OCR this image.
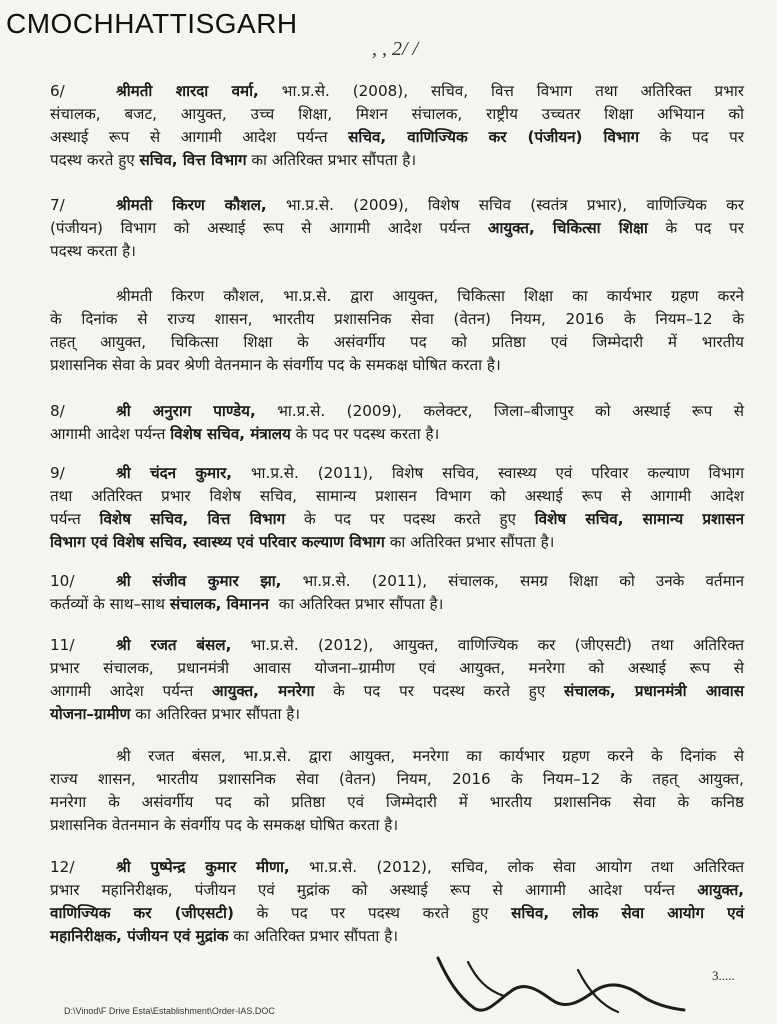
CMOCHHATTISGARH
, , 2/ /
6/	श्रीमती शारदा वर्मा, भा.प्र.से. (2008), सचिव, वित्त विभाग तथा अतिरिक्त प्रभार
संचालक, बजट, आयुक्त, उच्च शिक्षा, मिशन संचालक, राष्ट्रीय उच्चतर शिक्षा अभियान को
अस्थाई रूप से आगामी आदेश पर्यन्त सचिव, वाणिज्यिक कर (पंजीयन) विभाग के पद पर
पदस्थ करते हुए सचिव, वित्त विभाग का अतिरिक्त प्रभार सौंपता है।
7/	श्रीमती किरण कौशल, भा.प्र.से. (2009), विशेष सचिव (स्वतंत्र प्रभार), वाणिज्यिक कर
(पंजीयन) विभाग को अस्थाई रूप से आगामी आदेश पर्यन्त आयुक्त, चिकित्सा शिक्षा के पद पर
पदस्थ करता है।
श्रीमती किरण कौशल, भा.प्र.से. द्वारा आयुक्त, चिकित्सा शिक्षा का कार्यभार ग्रहण करने
के दिनांक से राज्य शासन, भारतीय प्रशासनिक सेवा (वेतन) नियम, 2016 के नियम–12 के
तहत् आयुक्त, चिकित्सा शिक्षा के असंवर्गीय पद को प्रतिष्ठा एवं जिम्मेदारी में भारतीय
प्रशासनिक सेवा के प्रवर श्रेणी वेतनमान के संवर्गीय पद के समकक्ष घोषित करता है।
8/	श्री अनुराग पाण्डेय, भा.प्र.से. (2009), कलेक्टर, जिला–बीजापुर को अस्थाई रूप से
आगामी आदेश पर्यन्त विशेष सचिव, मंत्रालय के पद पर पदस्थ करता है।
9/	श्री चंदन कुमार, भा.प्र.से. (2011), विशेष सचिव, स्वास्थ्य एवं परिवार कल्याण विभाग
तथा अतिरिक्त प्रभार विशेष सचिव, सामान्य प्रशासन विभाग को अस्थाई रूप से आगामी आदेश
पर्यन्त विशेष सचिव, वित्त विभाग के पद पर पदस्थ करते हुए विशेष सचिव, सामान्य प्रशासन
विभाग एवं विशेष सचिव, स्वास्थ्य एवं परिवार कल्याण विभाग का अतिरिक्त प्रभार सौंपता है।
10/	श्री संजीव कुमार झा, भा.प्र.से. (2011), संचालक, समग्र शिक्षा को उनके वर्तमान
कर्तव्यों के साथ–साथ संचालक, विमानन का अतिरिक्त प्रभार सौंपता है।
11/	श्री रजत बंसल, भा.प्र.से. (2012), आयुक्त, वाणिज्यिक कर (जीएसटी) तथा अतिरिक्त
प्रभार संचालक, प्रधानमंत्री आवास योजना–ग्रामीण एवं आयुक्त, मनरेगा को अस्थाई रूप से
आगामी आदेश पर्यन्त आयुक्त, मनरेगा के पद पर पदस्थ करते हुए संचालक, प्रधानमंत्री आवास
योजना–ग्रामीण का अतिरिक्त प्रभार सौंपता है।
श्री रजत बंसल, भा.प्र.से. द्वारा आयुक्त, मनरेगा का कार्यभार ग्रहण करने के दिनांक से
राज्य शासन, भारतीय प्रशासनिक सेवा (वेतन) नियम, 2016 के नियम–12 के तहत् आयुक्त,
मनरेगा के असंवर्गीय पद को प्रतिष्ठा एवं जिम्मेदारी में भारतीय प्रशासनिक सेवा के कनिष्ठ
प्रशासनिक वेतनमान के संवर्गीय पद के समकक्ष घोषित करता है।
12/	श्री पुष्पेन्द्र कुमार मीणा, भा.प्र.से. (2012), सचिव, लोक सेवा आयोग तथा अतिरिक्त
प्रभार महानिरीक्षक, पंजीयन एवं मुद्रांक को अस्थाई रूप से आगामी आदेश पर्यन्त आयुक्त,
वाणिज्यिक कर (जीएसटी) के पद पर पदस्थ करते हुए सचिव, लोक सेवा आयोग एवं
महानिरीक्षक, पंजीयन एवं मुद्रांक का अतिरिक्त प्रभार सौंपता है।
3.....
D:\Vinod\F Drive Esta\Establishment\Order-IAS.DOC
